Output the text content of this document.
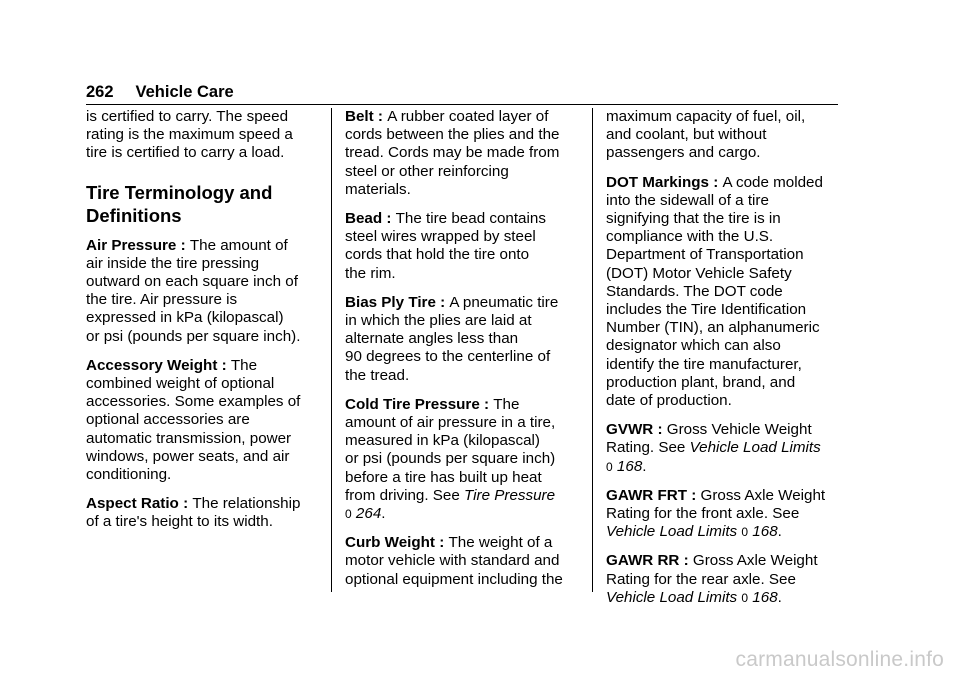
262 Vehicle Care

is certified to carry. The speed
rating is the maximum speed a
tire is certified to carry a load.

Tire Terminology and
Definitions

Air Pressure : The amount of
air inside the tire pressing
outward on each square inch of
the tire. Air pressure is
expressed in kPa (kilopascal)
or psi (pounds per square inch).

Accessory Weight : The
combined weight of optional
accessories. Some examples of
optional accessories are
automatic transmission, power
windows, power seats, and air
conditioning.

Aspect Ratio : The relationship
of a tire's height to its width.

Belt : A rubber coated layer of
cords between the plies and the
tread. Cords may be made from
steel or other reinforcing
materials.

Bead : The tire bead contains
steel wires wrapped by steel
cords that hold the tire onto
the rim.

Bias Ply Tire : A pneumatic tire
in which the plies are laid at
alternate angles less than
90 degrees to the centerline of
the tread.

Cold Tire Pressure : The
amount of air pressure in a tire,
measured in kPa (kilopascal)
or psi (pounds per square inch)
before a tire has built up heat
from driving. See Tire Pressure
0 264.

Curb Weight : The weight of a
motor vehicle with standard and
optional equipment including the

maximum capacity of fuel, oil,
and coolant, but without
passengers and cargo.

DOT Markings : A code molded
into the sidewall of a tire
signifying that the tire is in
compliance with the U.S.
Department of Transportation
(DOT) Motor Vehicle Safety
Standards. The DOT code
includes the Tire Identification
Number (TIN), an alphanumeric
designator which can also
identify the tire manufacturer,
production plant, brand, and
date of production.

GVWR : Gross Vehicle Weight
Rating. See Vehicle Load Limits
0 168.

GAWR FRT : Gross Axle Weight
Rating for the front axle. See
Vehicle Load Limits 0 168.

GAWR RR : Gross Axle Weight
Rating for the rear axle. See
Vehicle Load Limits 0 168.

carmanualsonline.info
